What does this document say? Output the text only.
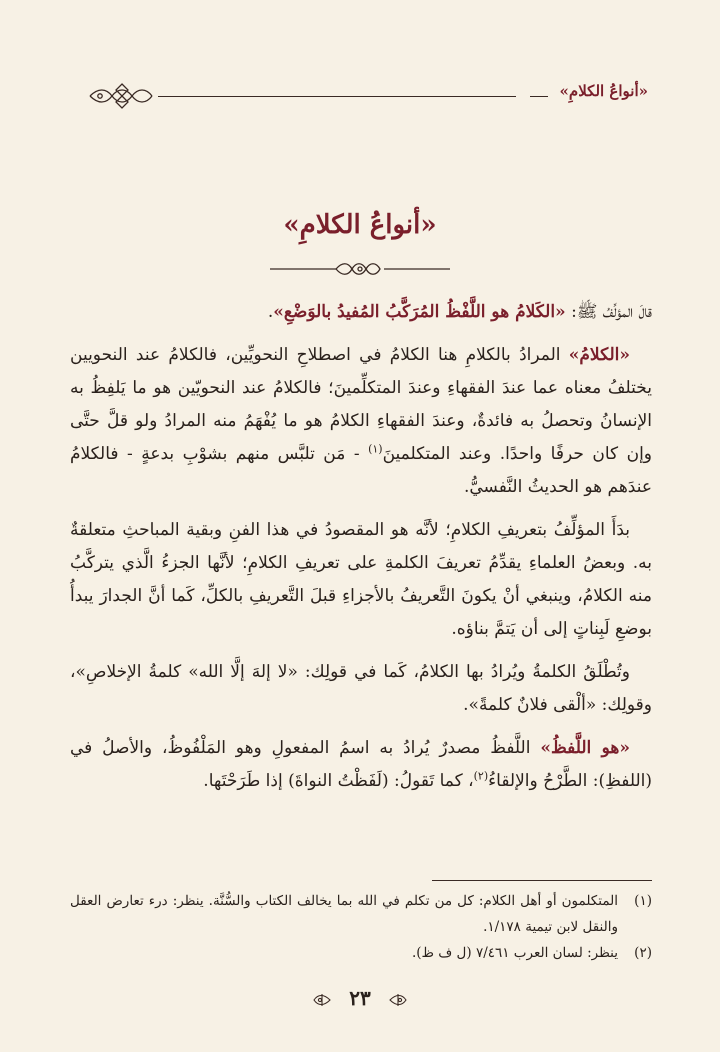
«أنواعُ الكلامِ»
«أنواعُ الكلامِ»

قالَ المؤلِّفُ ﷺ: «الكَلامُ هو اللَّفْظُ المُرَكَّبُ المُفيدُ بالوَضْعِ».

«الكلامُ» المرادُ بالكلامِ هنا الكلامُ في اصطلاحِ النحويِّين، فالكلامُ عند النحويين يختلفُ معناه عما عندَ الفقهاءِ وعندَ المتكلِّمينَ؛ فالكلامُ عند النحويّين هو ما يَلفِظُ به الإنسانُ وتحصلُ به فائدةٌ، وعندَ الفقهاءِ الكلامُ هو ما يُفْهَمُ منه المرادُ ولو قلَّ حتَّى وإن كان حرفًا واحدًا. وعند المتكلمينَ$^{(١)}$ - مَن تلبَّس منهم بشوْبِ بدعةٍ - فالكلامُ عندَهم هو الحديثُ النَّفسيُّ.

بدَأَ المؤلِّفُ بتعريفِ الكلامِ؛ لأنَّه هو المقصودُ في هذا الفنِ وبقية المباحثِ متعلقةٌ به. وبعضُ العلماءِ يقدِّمُ تعريفَ الكلمةِ على تعريفِ الكلامِ؛ لأنَّها الجزءُ الَّذي يتركَّبُ منه الكلامُ، وينبغي أنْ يكونَ التَّعريفُ بالأجزاءِ قبلَ التَّعريفِ بالكلِّ، كَما أنَّ الجدارَ يبدأُ بوضعِ لَبِناتٍ إلى أن يَتمَّ بناؤه.

وتُطْلَقُ الكلمةُ ويُرادُ بها الكلامُ، كَما في قولِك: «لا إلهَ إلَّا الله» كلمةُ الإخلاصِ»، وقولِك: «ألْقى فلانٌ كلمةً».

«هو اللَّفظُ» اللَّفظُ مصدرٌ يُرادُ به اسمُ المفعولِ وهو المَلْفُوظُ، والأصلُ في (اللفظِ): الطَّرْحُ والإلقاءُ$^{(٢)}$، كما تَقولُ: (لَفَظْتُ النواةَ) إذا طَرَحْتَها.

(١)
المتكلمون أو أهل الكلام: كل من تكلم في الله بما يخالف الكتاب والسُّنَّة. ينظر: درء تعارض العقل والنقل لابن تيمية ١/١٧٨.
(٢)
ينظر: لسان العرب ٧/٤٦١ (ل ف ظ).
٢٣
